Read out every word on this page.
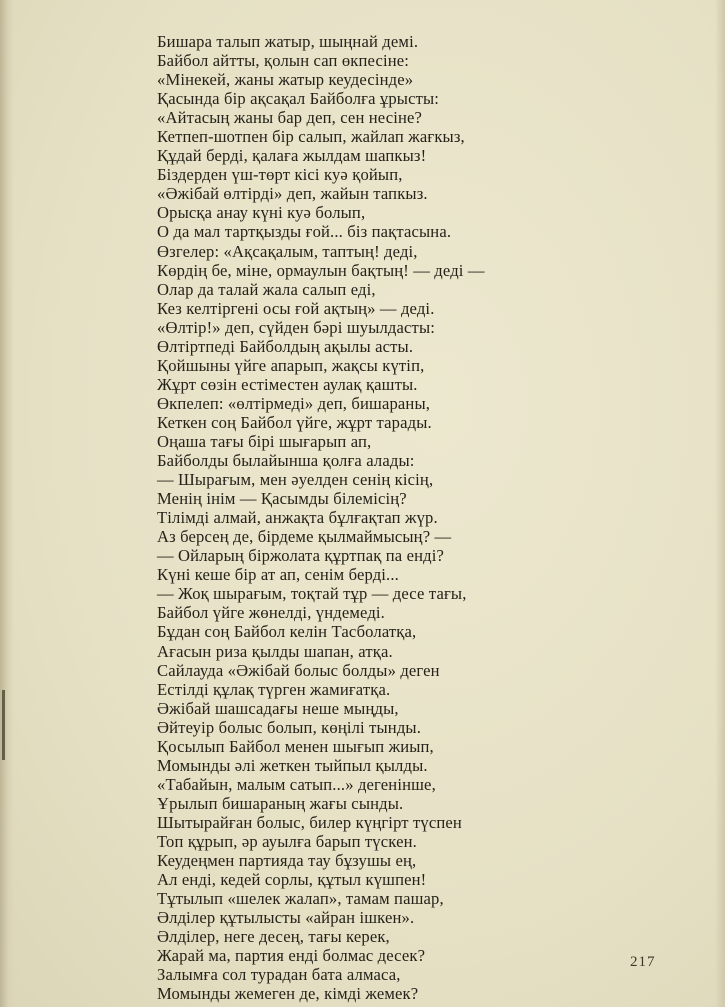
Бишара талып жатыр, шыңнай демі.
Байбол айтты, қолын сап өкпесіне:
«Мінекей, жаны жатыр кеудесінде»
Қасында бір ақсақал Байболға ұрысты:
«Айтасың жаны бар деп, сен несіне?
Кетпеп-шотпен бір салып, жайлап жағкыз,
Құдай берді, қалаға жылдам шапкыз!
Біздерден үш-төрт кісі куә қойып,
«Әжібай өлтірді» деп, жайын тапкыз.
Орысқа анау күні куә болып,
О да мал тартқызды ғой... біз пақтасына.
Өзгелер: «Ақсақалым, таптың! деді,
Көрдің бе, міне, ормаулын бақтың! — деді —
Олар да талай жала салып еді,
Кез келтіргені осы ғой ақтың» — деді.
«Өлтір!» деп, сүйден бәрі шуылдасты:
Өлтіртпеді Байболдың ақылы асты.
Қойшыны үйге апарып, жақсы күтіп,
Жұрт сөзін естіместен аулақ қашты.
Өкпелеп: «өлтірмеді» деп, бишараны,
Кеткен соң Байбол үйге, жұрт тарады.
Оңаша тағы бірі шығарып ап,
Байболды былайынша қолға алады:
— Шырағым, мен әуелден сенің кісің,
Менің інім — Қасымды білемісің?
Тілімді алмай, анжақта бұлғақтап жүр.
Аз берсең де, бірдеме қылмаймысың? —
— Ойларың біржолата құртпақ па енді?
Күні кеше бір ат ап, сенім берді...
— Жоқ шырағым, тоқтай тұр — десе тағы,
Байбол үйге жөнелді, үндемеді.
Бұдан соң Байбол келін Тасболатқа,
Ағасын риза қылды шапан, атқа.
Сайлауда «Әжібай болыс болды» деген
Естілді құлақ түрген жамиғатқа.
Әжібай шашсадағы неше мыңды,
Әйтеуір болыс болып, көңілі тынды.
Қосылып Байбол менен шығып жиып,
Момынды әлі жеткен тыйпыл қылды.
«Табайын, малым сатып...» дегенінше,
Ұрылып бишараның жағы сынды.
Шытырайған болыс, билер күңгірт түспен
Топ құрып, әр ауылға барып түскен.
Кеудеңмен партияда тау бұзушы ең,
Ал енді, кедей сорлы, құтыл күшпен!
Тұтылып «шелек жалап», тамам пашар,
Әлділер құтылысты «айран ішкен».
Әлділер, неге десең, тағы керек,
Жарай ма, партия енді болмас десек?
Залымға сол турадан бата алмаса,
Момынды жемеген де, кімді жемек?
217
